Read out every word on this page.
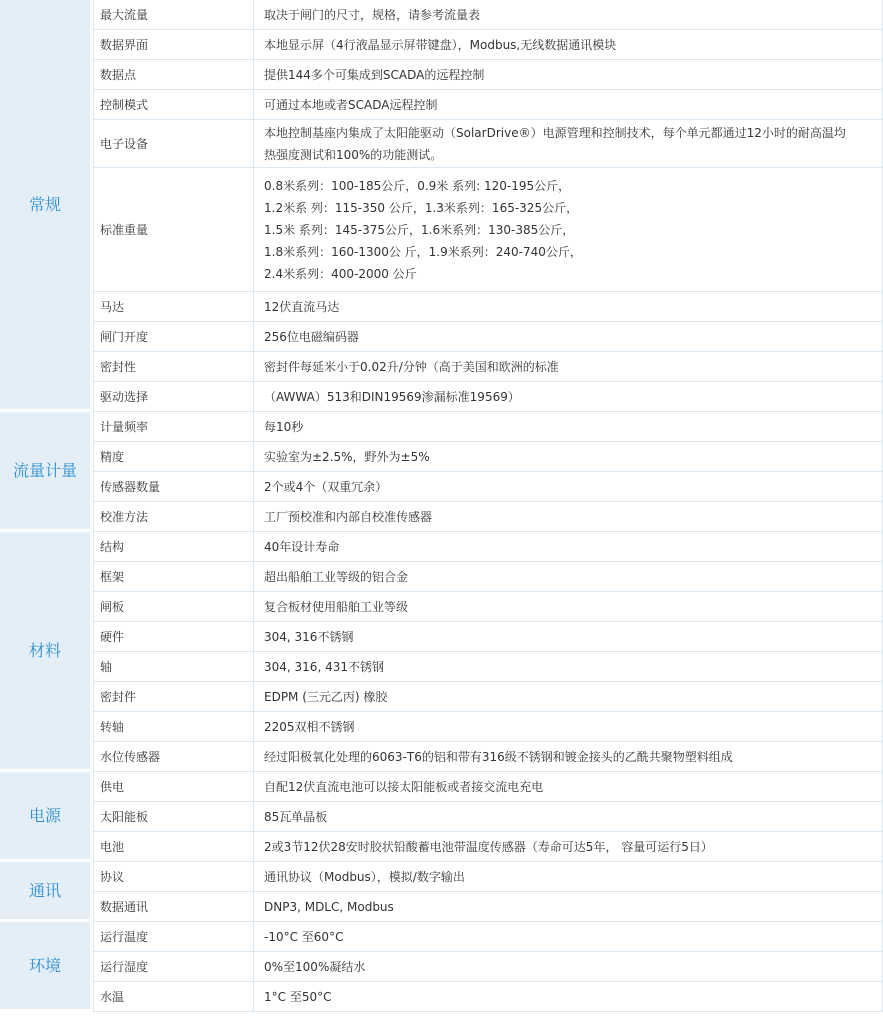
常规	最大流量	取决于闸门的尺寸，规格，请参考流量表
	数据界面	本地显示屏（4行液晶显示屏带键盘），Modbus,无线数据通讯模块
	数据点	提供144多个可集成到SCADA的远程控制
	控制模式	可通过本地或者SCADA远程控制
	电子设备	本地控制基座内集成了太阳能驱动（SolarDrive®）电源管理和控制技术，每个单元都通过12小时的耐高温均
热强度测试和100%的功能测试。

	标准重量	0.8米系列：100-185公斤，0.9米 系列: 120-195公斤，
1.2米系 列：115-350 公斤，1.3米系列：165-325公斤，
1.5米 系列：145-375公斤，1.6米系列：130-385公斤，
1.8米系列：160-1300公 斤，1.9米系列：240-740公斤，
2.4米系列：400-2000 公斤

	马达	12伏直流马达
	闸门开度	256位电磁编码器
	密封性	密封件每延米小于0.02升/分钟（高于美国和欧洲的标准
	驱动选择	（AWWA）513和DIN19569渗漏标准19569）
流量计量	计量频率	每10秒
	精度	实验室为±2.5%，野外为±5%
	传感器数量	2个或4个（双重冗余）
	校准方法	工厂预校准和内部自校准传感器
材料	结构	40年设计寿命
	框架	超出船舶工业等级的铝合金
	闸板	复合板材使用船舶工业等级
	硬件	304, 316不锈钢
	轴	304, 316, 431不锈钢
	密封件	EDPM (三元乙丙) 橡胶
	转轴	2205双相不锈钢
	水位传感器	经过阳极氧化处理的6063-T6的铝和带有316级不锈钢和镀金接头的乙酰共聚物塑料组成
电源	供电	自配12伏直流电池可以接太阳能板或者接交流电充电
	太阳能板	85瓦单晶板
	电池	2或3节12伏28安时胶状铅酸蓄电池带温度传感器（寿命可达5年， 容量可运行5日）
通讯	协议	通讯协议（Modbus），模拟/数字输出
	数据通讯	DNP3, MDLC, Modbus
环境	运行温度	-10°C 至60°C
	运行湿度	0%至100%凝结水
	水温	1°C 至50°C
